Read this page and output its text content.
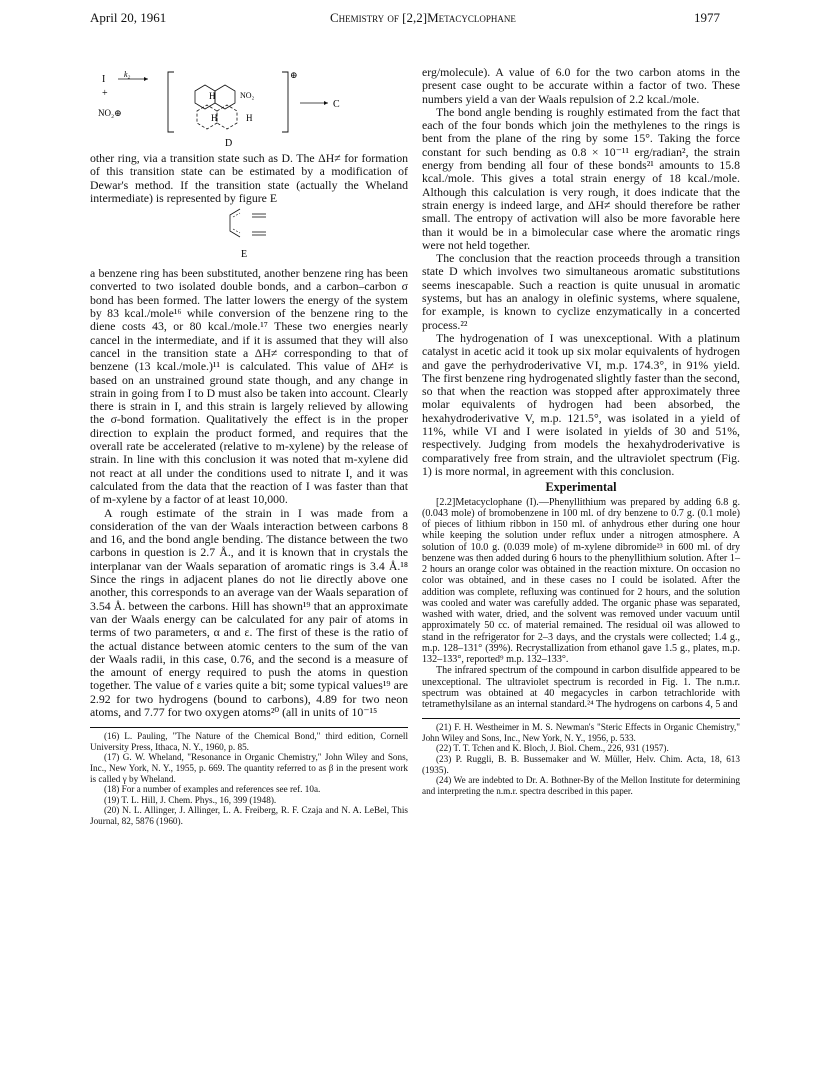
April 20, 1961	Chemistry of [2,2]Metacyclophane	1977
I k₂
+
NO₂⊕
⊕
H
H
NO₂
H
C
D

other ring, via a transition state such as D. The ΔH≠ for formation of this transition state can be estimated by a modification of Dewar's method. If the transition state (actually the Wheland intermediate) is represented by figure E

E

a benzene ring has been substituted, another benzene ring has been converted to two isolated double bonds, and a carbon–carbon σ bond has been formed. The latter lowers the energy of the system by 83 kcal./mole¹⁶ while conversion of the benzene ring to the diene costs 43, or 80 kcal./mole.¹⁷ These two energies nearly cancel in the intermediate, and if it is assumed that they will also cancel in the transition state a ΔH≠ corresponding to that of benzene (13 kcal./mole.)¹¹ is calculated. This value of ΔH≠ is based on an unstrained ground state though, and any change in strain in going from I to D must also be taken into account. Clearly there is strain in I, and this strain is largely relieved by allowing the σ-bond formation. Qualitatively the effect is in the proper direction to explain the product formed, and requires that the overall rate be accelerated (relative to m-xylene) by the release of strain. In line with this conclusion it was noted that m-xylene did not react at all under the conditions used to nitrate I, and it was calculated from the data that the reaction of I was faster than that of m-xylene by a factor of at least 10,000.

A rough estimate of the strain in I was made from a consideration of the van der Waals interaction between carbons 8 and 16, and the bond angle bending. The distance between the two carbons in question is 2.7 Å., and it is known that in crystals the interplanar van der Waals separation of aromatic rings is 3.4 Å.¹⁸ Since the rings in adjacent planes do not lie directly above one another, this corresponds to an average van der Waals separation of 3.54 Å. between the carbons. Hill has shown¹⁹ that an approximate van der Waals energy can be calculated for any pair of atoms in terms of two parameters, α and ε. The first of these is the ratio of the actual distance between atomic centers to the sum of the van der Waals radii, in this case, 0.76, and the second is a measure of the amount of energy required to push the atoms in question together. The value of ε varies quite a bit; some typical values¹⁹ are 2.92 for two hydrogens (bound to carbons), 4.89 for two neon atoms, and 7.77 for two oxygen atoms²⁰ (all in units of 10⁻¹⁵

(16) L. Pauling, "The Nature of the Chemical Bond," third edition, Cornell University Press, Ithaca, N. Y., 1960, p. 85.

(17) G. W. Wheland, "Resonance in Organic Chemistry," John Wiley and Sons, Inc., New York, N. Y., 1955, p. 669. The quantity referred to as β in the present work is called γ by Wheland.

(18) For a number of examples and references see ref. 10a.

(19) T. L. Hill, J. Chem. Phys., 16, 399 (1948).

(20) N. L. Allinger, J. Allinger, L. A. Freiberg, R. F. Czaja and N. A. LeBel, This Journal, 82, 5876 (1960).

erg/molecule). A value of 6.0 for the two carbon atoms in the present case ought to be accurate within a factor of two. These numbers yield a van der Waals repulsion of 2.2 kcal./mole.

The bond angle bending is roughly estimated from the fact that each of the four bonds which join the methylenes to the rings is bent from the plane of the ring by some 15°. Taking the force constant for such bending as 0.8 × 10⁻¹¹ erg/radian², the strain energy from bending all four of these bonds²¹ amounts to 15.8 kcal./mole. This gives a total strain energy of 18 kcal./mole. Although this calculation is very rough, it does indicate that the strain energy is indeed large, and ΔH≠ should therefore be rather small. The entropy of activation will also be more favorable here than it would be in a bimolecular case where the aromatic rings were not held together.

The conclusion that the reaction proceeds through a transition state D which involves two simultaneous aromatic substitutions seems inescapable. Such a reaction is quite unusual in aromatic systems, but has an analogy in olefinic systems, where squalene, for example, is known to cyclize enzymatically in a concerted process.²²

The hydrogenation of I was unexceptional. With a platinum catalyst in acetic acid it took up six molar equivalents of hydrogen and gave the perhydroderivative VI, m.p. 174.3°, in 91% yield. The first benzene ring hydrogenated slightly faster than the second, so that when the reaction was stopped after approximately three molar equivalents of hydrogen had been absorbed, the hexahydroderivative V, m.p. 121.5°, was isolated in a yield of 11%, while VI and I were isolated in yields of 30 and 51%, respectively. Judging from models the hexahydroderivative is comparatively free from strain, and the ultraviolet spectrum (Fig. 1) is more normal, in agreement with this conclusion.

Experimental

[2.2]Metacyclophane (I).—Phenyllithium was prepared by adding 6.8 g. (0.043 mole) of bromobenzene in 100 ml. of dry benzene to 0.7 g. (0.1 mole) of pieces of lithium ribbon in 150 ml. of anhydrous ether during one hour while keeping the solution under reflux under a nitrogen atmosphere. A solution of 10.0 g. (0.039 mole) of m-xylene dibromide²³ in 600 ml. of dry benzene was then added during 6 hours to the phenyllithium solution. After 1–2 hours an orange color was obtained in the reaction mixture. On occasion no color was obtained, and in these cases no I could be isolated. After the addition was complete, refluxing was continued for 2 hours, and the solution was cooled and water was carefully added. The organic phase was separated, washed with water, dried, and the solvent was removed under vacuum until approximately 50 cc. of material remained. The residual oil was allowed to stand in the refrigerator for 2–3 days, and the crystals were collected; 1.4 g., m.p. 128–131° (39%). Recrystallization from ethanol gave 1.5 g., plates, m.p. 132–133°, reported⁹ m.p. 132–133°.

The infrared spectrum of the compound in carbon disulfide appeared to be unexceptional. The ultraviolet spectrum is recorded in Fig. 1. The n.m.r. spectrum was obtained at 40 megacycles in carbon tetrachloride with tetramethylsilane as an internal standard.²⁴ The hydrogens on carbons 4, 5 and

(21) F. H. Westheimer in M. S. Newman's "Steric Effects in Organic Chemistry," John Wiley and Sons, Inc., New York, N. Y., 1956, p. 533.

(22) T. T. Tchen and K. Bloch, J. Biol. Chem., 226, 931 (1957).

(23) P. Ruggli, B. B. Bussemaker and W. Müller, Helv. Chim. Acta, 18, 613 (1935).

(24) We are indebted to Dr. A. Bothner-By of the Mellon Institute for determining and interpreting the n.m.r. spectra described in this paper.
